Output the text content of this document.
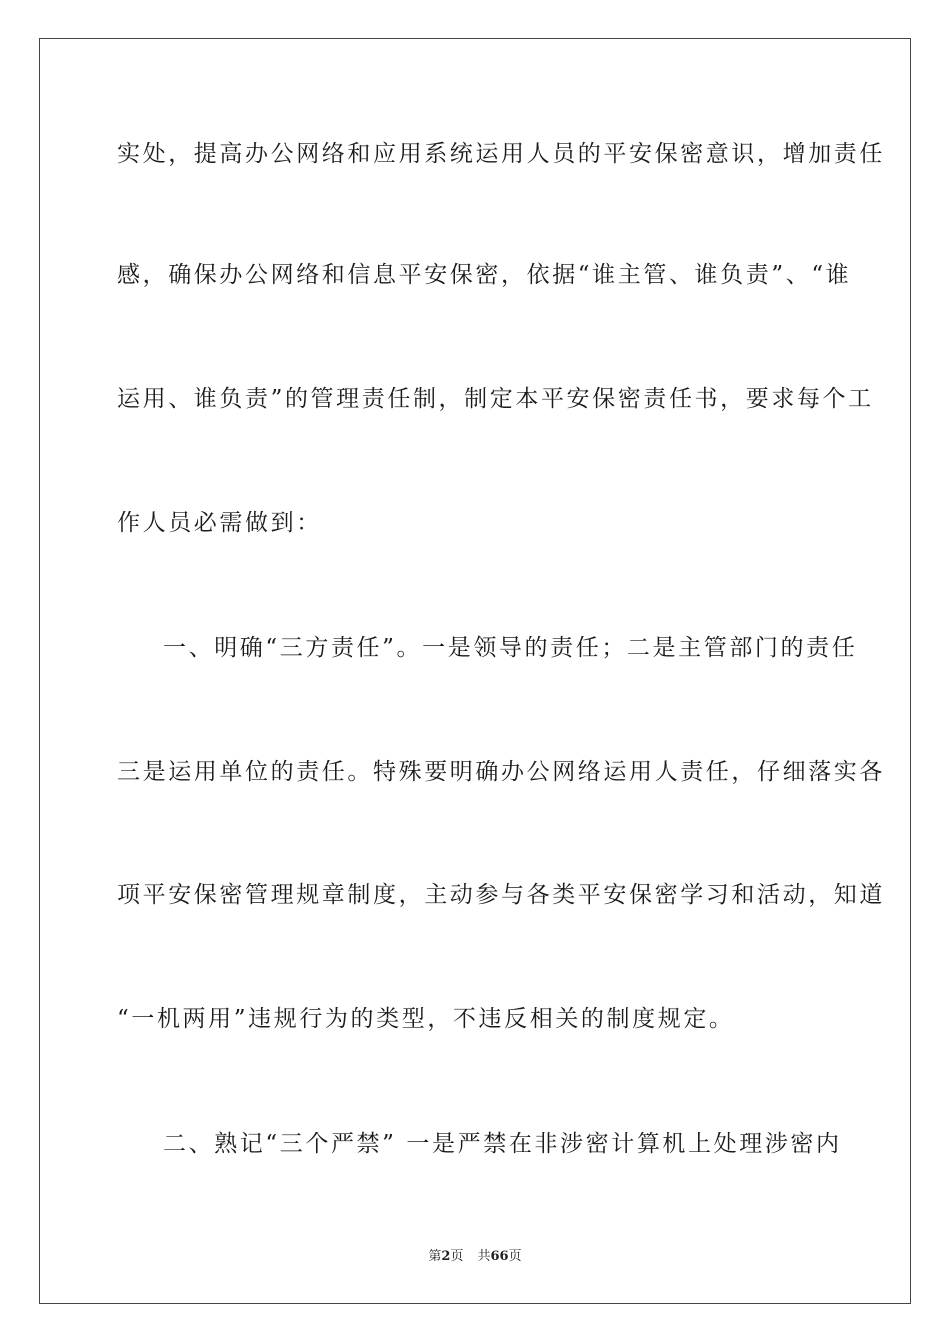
实处，提高办公网络和应用系统运用人员的平安保密意识，增加责任
感，确保办公网络和信息平安保密，依据“谁主管、谁负责”、“谁
运用、谁负责”的管理责任制，制定本平安保密责任书，要求每个工
作人员必需做到：
一、明确“三方责任”。一是领导的责任；二是主管部门的责任
三是运用单位的责任。特殊要明确办公网络运用人责任，仔细落实各
项平安保密管理规章制度，主动参与各类平安保密学习和活动，知道
“一机两用”违规行为的类型，不违反相关的制度规定。
二、熟记“三个严禁” 一是严禁在非涉密计算机上处理涉密内
第2页 共66页
